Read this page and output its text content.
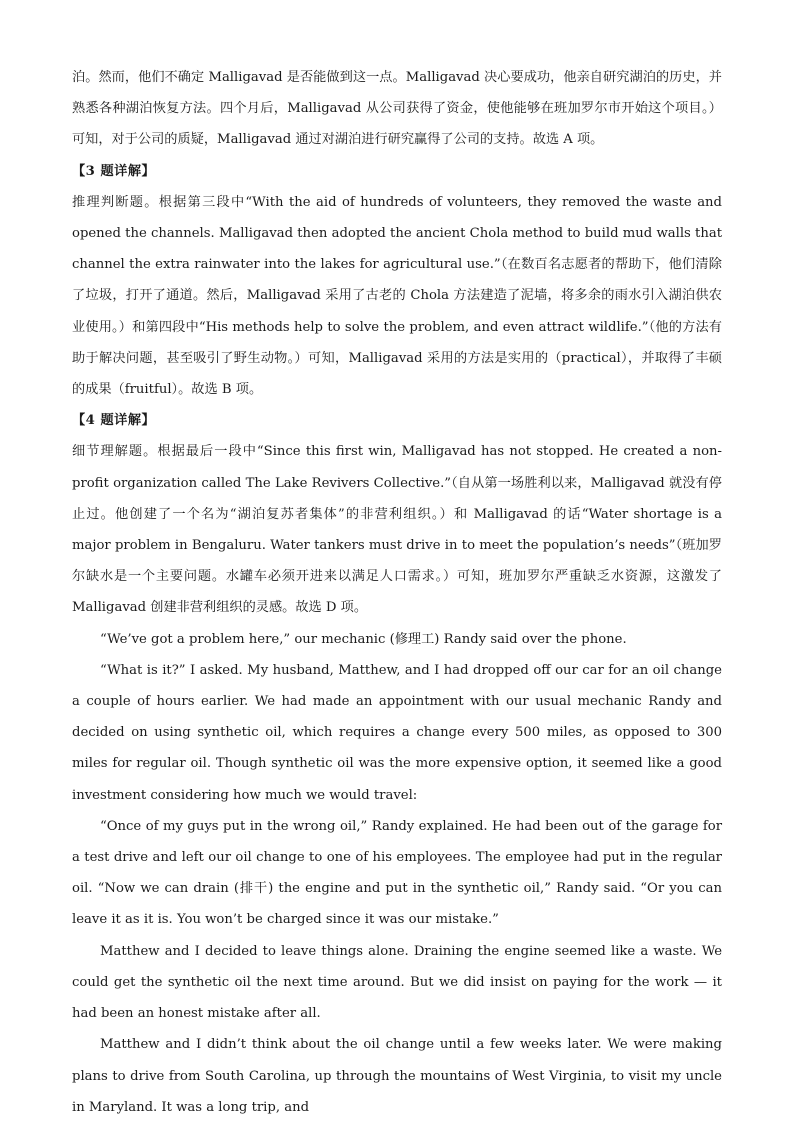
泊。然而，他们不确定 Malligavad 是否能做到这一点。Malligavad 决心要成功，他亲自研究湖泊的历史，并熟悉各种湖泊恢复方法。四个月后，Malligavad 从公司获得了资金，使他能够在班加罗尔市开始这个项目。）可知，对于公司的质疑，Malligavad 通过对湖泊进行研究赢得了公司的支持。故选 A 项。

【3 题详解】

推理判断题。根据第三段中“With the aid of hundreds of volunteers, they removed the waste and opened the channels. Malligavad then adopted the ancient Chola method to build mud walls that channel the extra rainwater into the lakes for agricultural use.”（在数百名志愿者的帮助下，他们清除了垃圾，打开了通道。然后，Malligavad 采用了古老的 Chola 方法建造了泥墙，将多余的雨水引入湖泊供农业使用。）和第四段中“His methods help to solve the problem, and even attract wildlife.”（他的方法有助于解决问题，甚至吸引了野生动物。）可知，Malligavad 采用的方法是实用的（practical），并取得了丰硕的成果（fruitful）。故选 B 项。

【4 题详解】

细节理解题。根据最后一段中“Since this first win, Malligavad has not stopped. He created a non-profit organization called The Lake Revivers Collective.”（自从第一场胜利以来，Malligavad 就没有停止过。他创建了一个名为“湖泊复苏者集体”的非营利组织。）和 Malligavad 的话“Water shortage is a major problem in Bengaluru. Water tankers must drive in to meet the population’s needs”（班加罗尔缺水是一个主要问题。水罐车必须开进来以满足人口需求。）可知，班加罗尔严重缺乏水资源，这激发了 Malligavad 创建非营利组织的灵感。故选 D 项。

“We’ve got a problem here,” our mechanic (修理工) Randy said over the phone.

“What is it?” I asked. My husband, Matthew, and I had dropped off our car for an oil change a couple of hours earlier. We had made an appointment with our usual mechanic Randy and decided on using synthetic oil, which requires a change every 500 miles, as opposed to 300 miles for regular oil. Though synthetic oil was the more expensive option, it seemed like a good investment considering how much we would travel:

“Once of my guys put in the wrong oil,” Randy explained. He had been out of the garage for a test drive and left our oil change to one of his employees. The employee had put in the regular oil. “Now we can drain (排干) the engine and put in the synthetic oil,” Randy said. “Or you can leave it as it is. You won’t be charged since it was our mistake.”

Matthew and I decided to leave things alone. Draining the engine seemed like a waste. We could get the synthetic oil the next time around. But we did insist on paying for the work — it had been an honest mistake after all.

Matthew and I didn’t think about the oil change until a few weeks later. We were making plans to drive from South Carolina, up through the mountains of West Virginia, to visit my uncle in Maryland. It was a long trip, and
